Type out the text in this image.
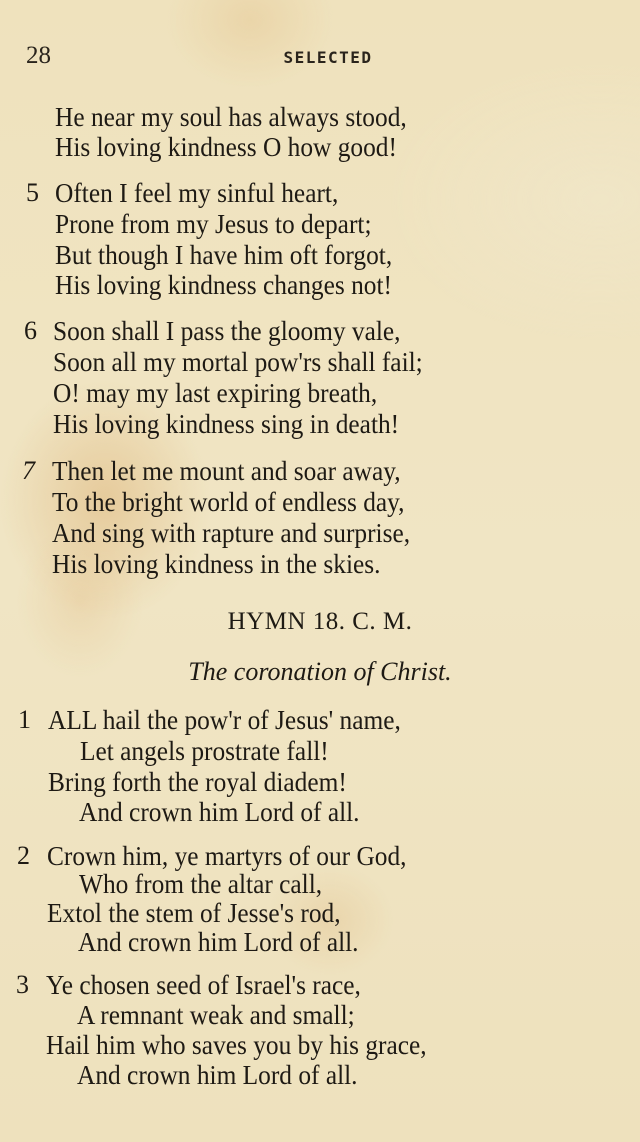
28	SELECTED
He near my soul has always stood,
His loving kindness O how good!
5 Often I feel my sinful heart,
Prone from my Jesus to depart;
But though I have him oft forgot,
His loving kindness changes not!
6 Soon shall I pass the gloomy vale,
Soon all my mortal pow'rs shall fail;
O! may my last expiring breath,
His loving kindness sing in death!
7 Then let me mount and soar away,
To the bright world of endless day,
And sing with rapture and surprise,
His loving kindness in the skies.
HYMN 18. C. M.
The coronation of Christ.
1 ALL hail the pow'r of Jesus' name,
Let angels prostrate fall!
Bring forth the royal diadem!
And crown him Lord of all.
2 Crown him, ye martyrs of our God,
Who from the altar call,
Extol the stem of Jesse's rod,
And crown him Lord of all.
3 Ye chosen seed of Israel's race,
A remnant weak and small;
Hail him who saves you by his grace,
And crown him Lord of all.
